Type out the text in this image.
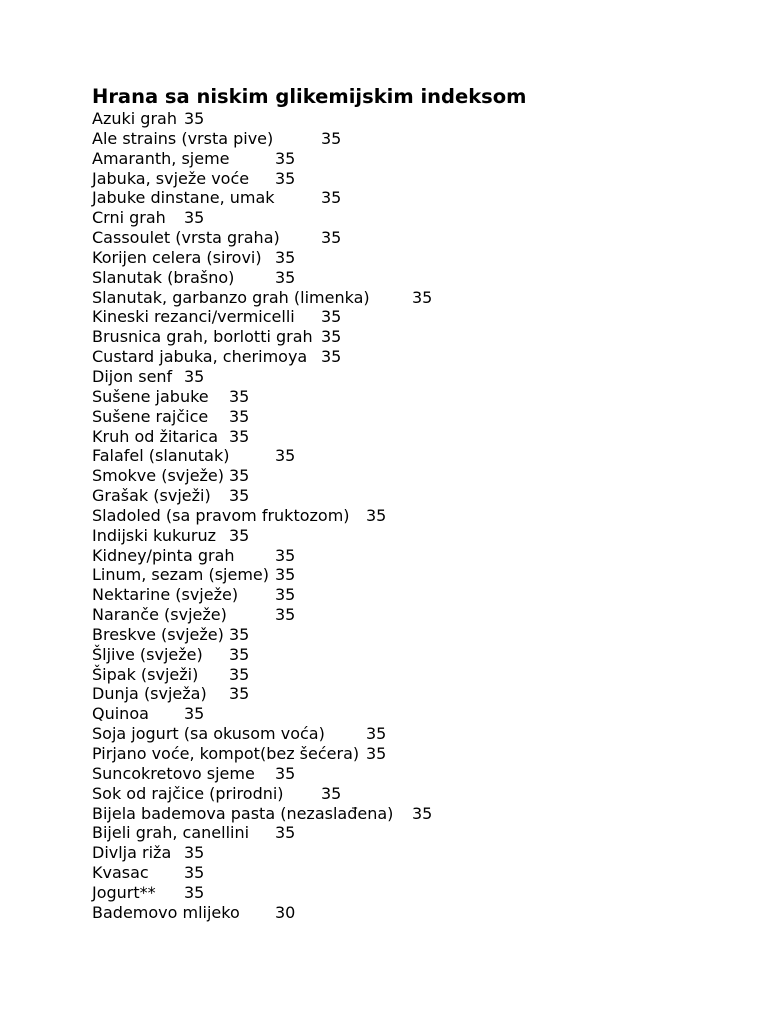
Hrana sa niskim glikemijskim indeksom
Azuki grah 35
Ale strains (vrsta pive)	35
Amaranth, sjeme	35
Jabuka, svježe voće 35
Jabuke dinstane, umak	35
Crni grah 35
Cassoulet (vrsta graha)	35
Korijen celera (sirovi) 35
Slanutak (brašno)	35
Slanutak, garbanzo grah (limenka)	35
Kineski rezanci/vermicelli 35
Brusnica grah, borlotti grah 35
Custard jabuka, cherimoya 35
Dijon senf 35
Sušene jabuke 35
Sušene rajčice 35
Kruh od žitarica 35
Falafel (slanutak)	35
Smokve (svježe) 35
Grašak (svježi) 35
Sladoled (sa pravom fruktozom) 35
Indijski kukuruz 35
Kidney/pinta grah	35
Linum, sezam (sjeme) 35
Nektarine (svježe) 35
Naranče (svježe)	35
Breskve (svježe) 35
Šljive (svježe) 35
Šipak (svježi) 35
Dunja (svježa) 35
Quinoa 35
Soja jogurt (sa okusom voća)	35
Pirjano voće, kompot(bez šećera) 35
Suncokretovo sjeme 35
Sok od rajčice (prirodni) 35
Bijela bademova pasta (nezaslađena) 35
Bijeli grah, canellini 35
Divlja riža 35
Kvasac 35
Jogurt** 35
Bademovo mlijeko 30
